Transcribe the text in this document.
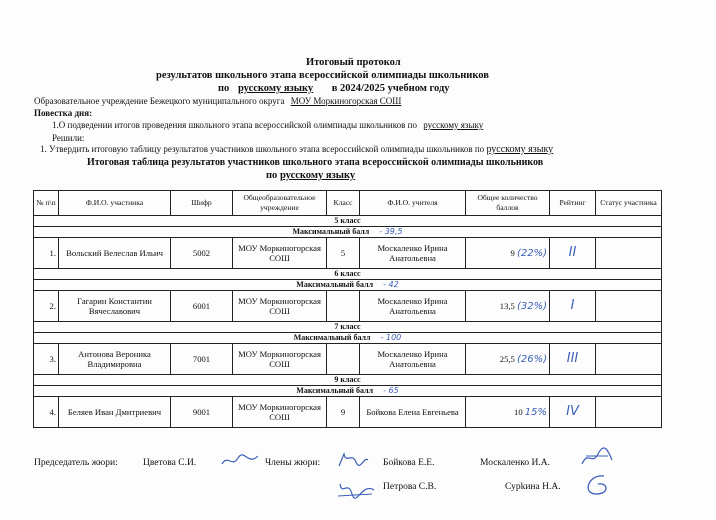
Итоговый протокол
результатов школьного этапа всероссийской олимпиады школьников
по русскому языку в 2024/2025 учебном году
Образовательное учреждение Бежецкого муниципального округа МОУ Моркиногорская СОШ
Повестка дня:
1.О подведении итогов проведения школьного этапа всероссийской олимпиады школьников по русскому языку
Решили:
1. Утвердить итоговую таблицу результатов участников школьного этапа всероссийской олимпиады школьников по русскому языку
Итоговая таблица результатов участников школьного этапа всероссийской олимпиады школьников
по русскому языку
№ п\п	Ф.И.О. участника	Шифр	Общеобразовательное учреждение	Класс	Ф.И.О. учителя	Общее количество баллов	Рейтинг	Статус участника
5 класс								
Максимальный балл - 39,5								
1.	Вольский Велеслав Ильич	5002	МОУ Моркиногорская СОШ	5	Москаленко Ирина Анатольевна	9 (22%)	II	
6 класс								
Максимальный балл - 42								
2.	Гагарин Константин Вячеславович	6001	МОУ Моркиногорская СОШ		Москаленко Ирина Анатольевна	13,5 (32%)	I	
7 класс								
Максимальный балл - 100								
3.	Антонова Вероника Владимировна	7001	МОУ Моркиногорская СОШ		Москаленко Ирина Анатольевна	25,5 (26%)	III	
9 класс								
Максимальный балл - 65								
4.	Беляев Иван Дмитриевич	9001	МОУ Моркиногорская СОШ	9	Бойкова Елена Евгеньева	10 15%	IV	
Председатель жюри:	Цветова С.И.	Члены жюри:	Бойкова Е.Е.	Москаленко И.А.
Петрова С.В.	Сурkина Н.А.
